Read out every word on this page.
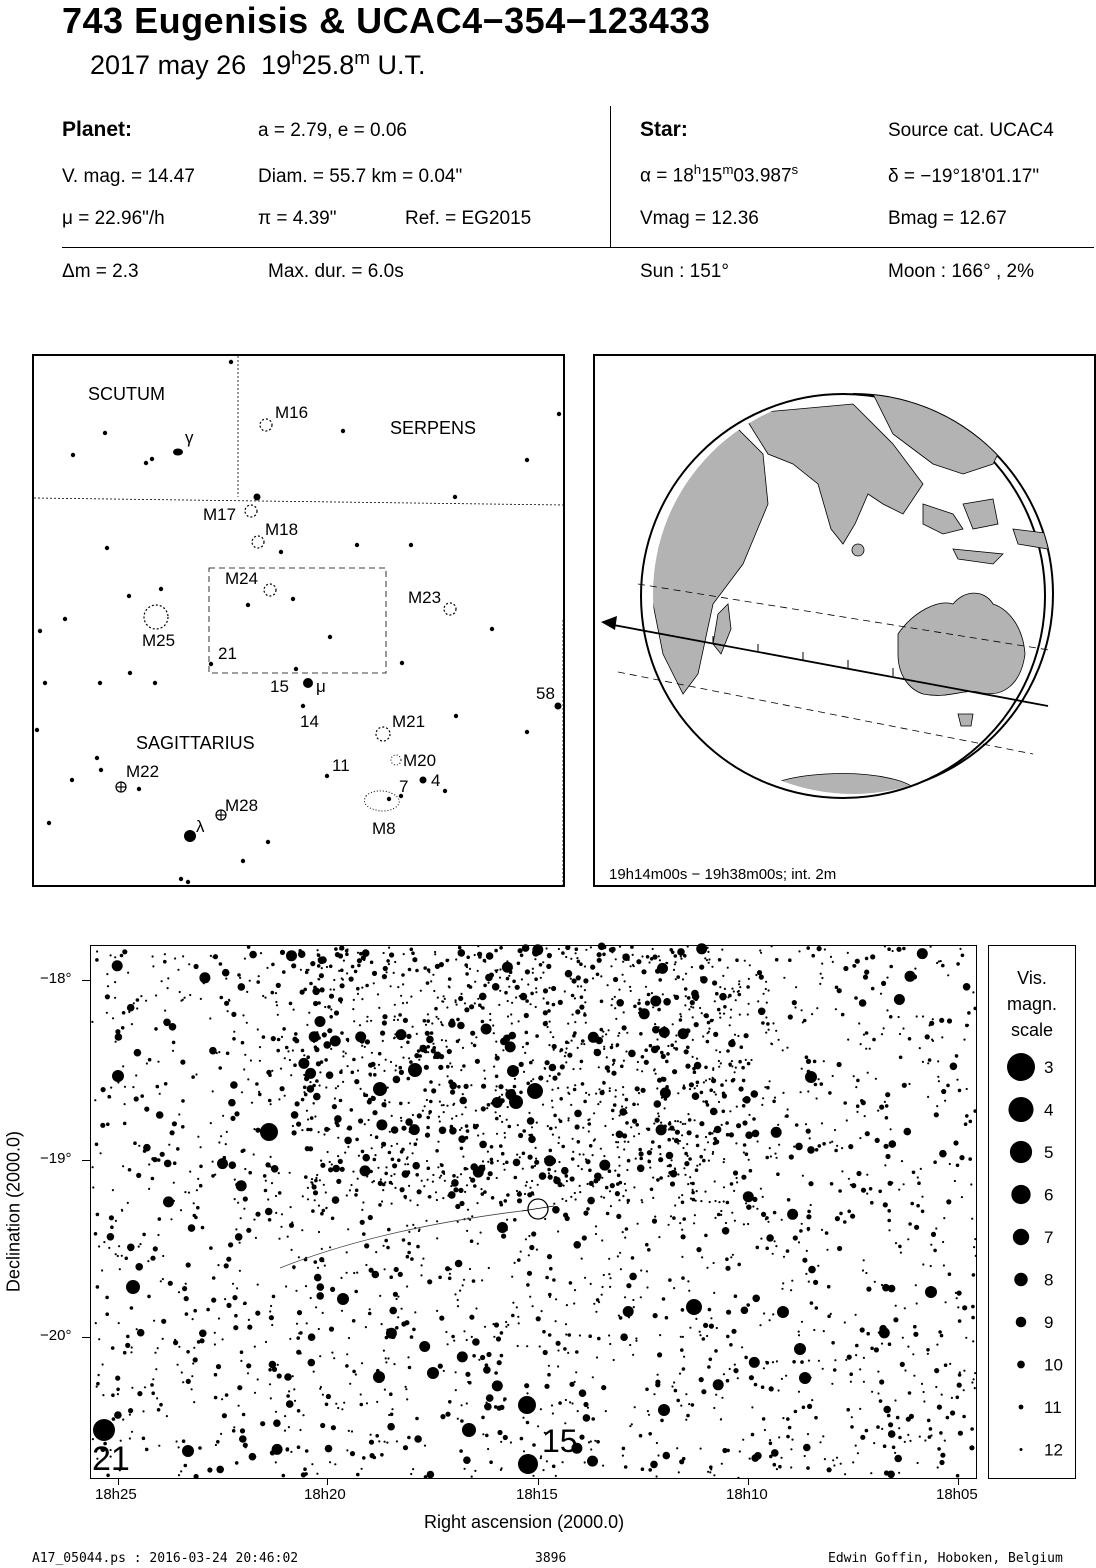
743 Eugenisis & UCAC4−354−123433
2017 may 26 19$^h$25.8$^m$ U.T.
Planet:	a = 2.79, e = 0.06
V. mag. = 14.47	Diam. = 55.7 km = 0.04"
μ = 22.96"/h	π = 4.39"	Ref. = EG2015
Star:	Source cat. UCAC4
$\alpha = 18^h15^m03.987^s$	δ = −19°18'01.17"
Vmag = 12.36	Bmag = 12.67
Δm = 2.3	Max. dur. = 6.0s	Sun : 151°	Moon : 166° , 2%
SCUTUM
SERPENS
SAGITTARIUS
M16
M17
M18
M24
M23
M25
21
15 μ	58
14	M21
11	M20
7 4
M22
M28
M8
λ
γ
19h14m00s − 19h38m00s; int. 2m
21	15
−18°
−19°
−20°
18h25	18h20	18h15	18h10	18h05
Right ascension (2000.0)
Declination (2000.0)
Vis.
magn.
scale
3
4
5
6
7
8
9
10
11
12
A17_05044.ps : 2016-03-24 20:46:02	3896	Edwin Goffin, Hoboken, Belgium
